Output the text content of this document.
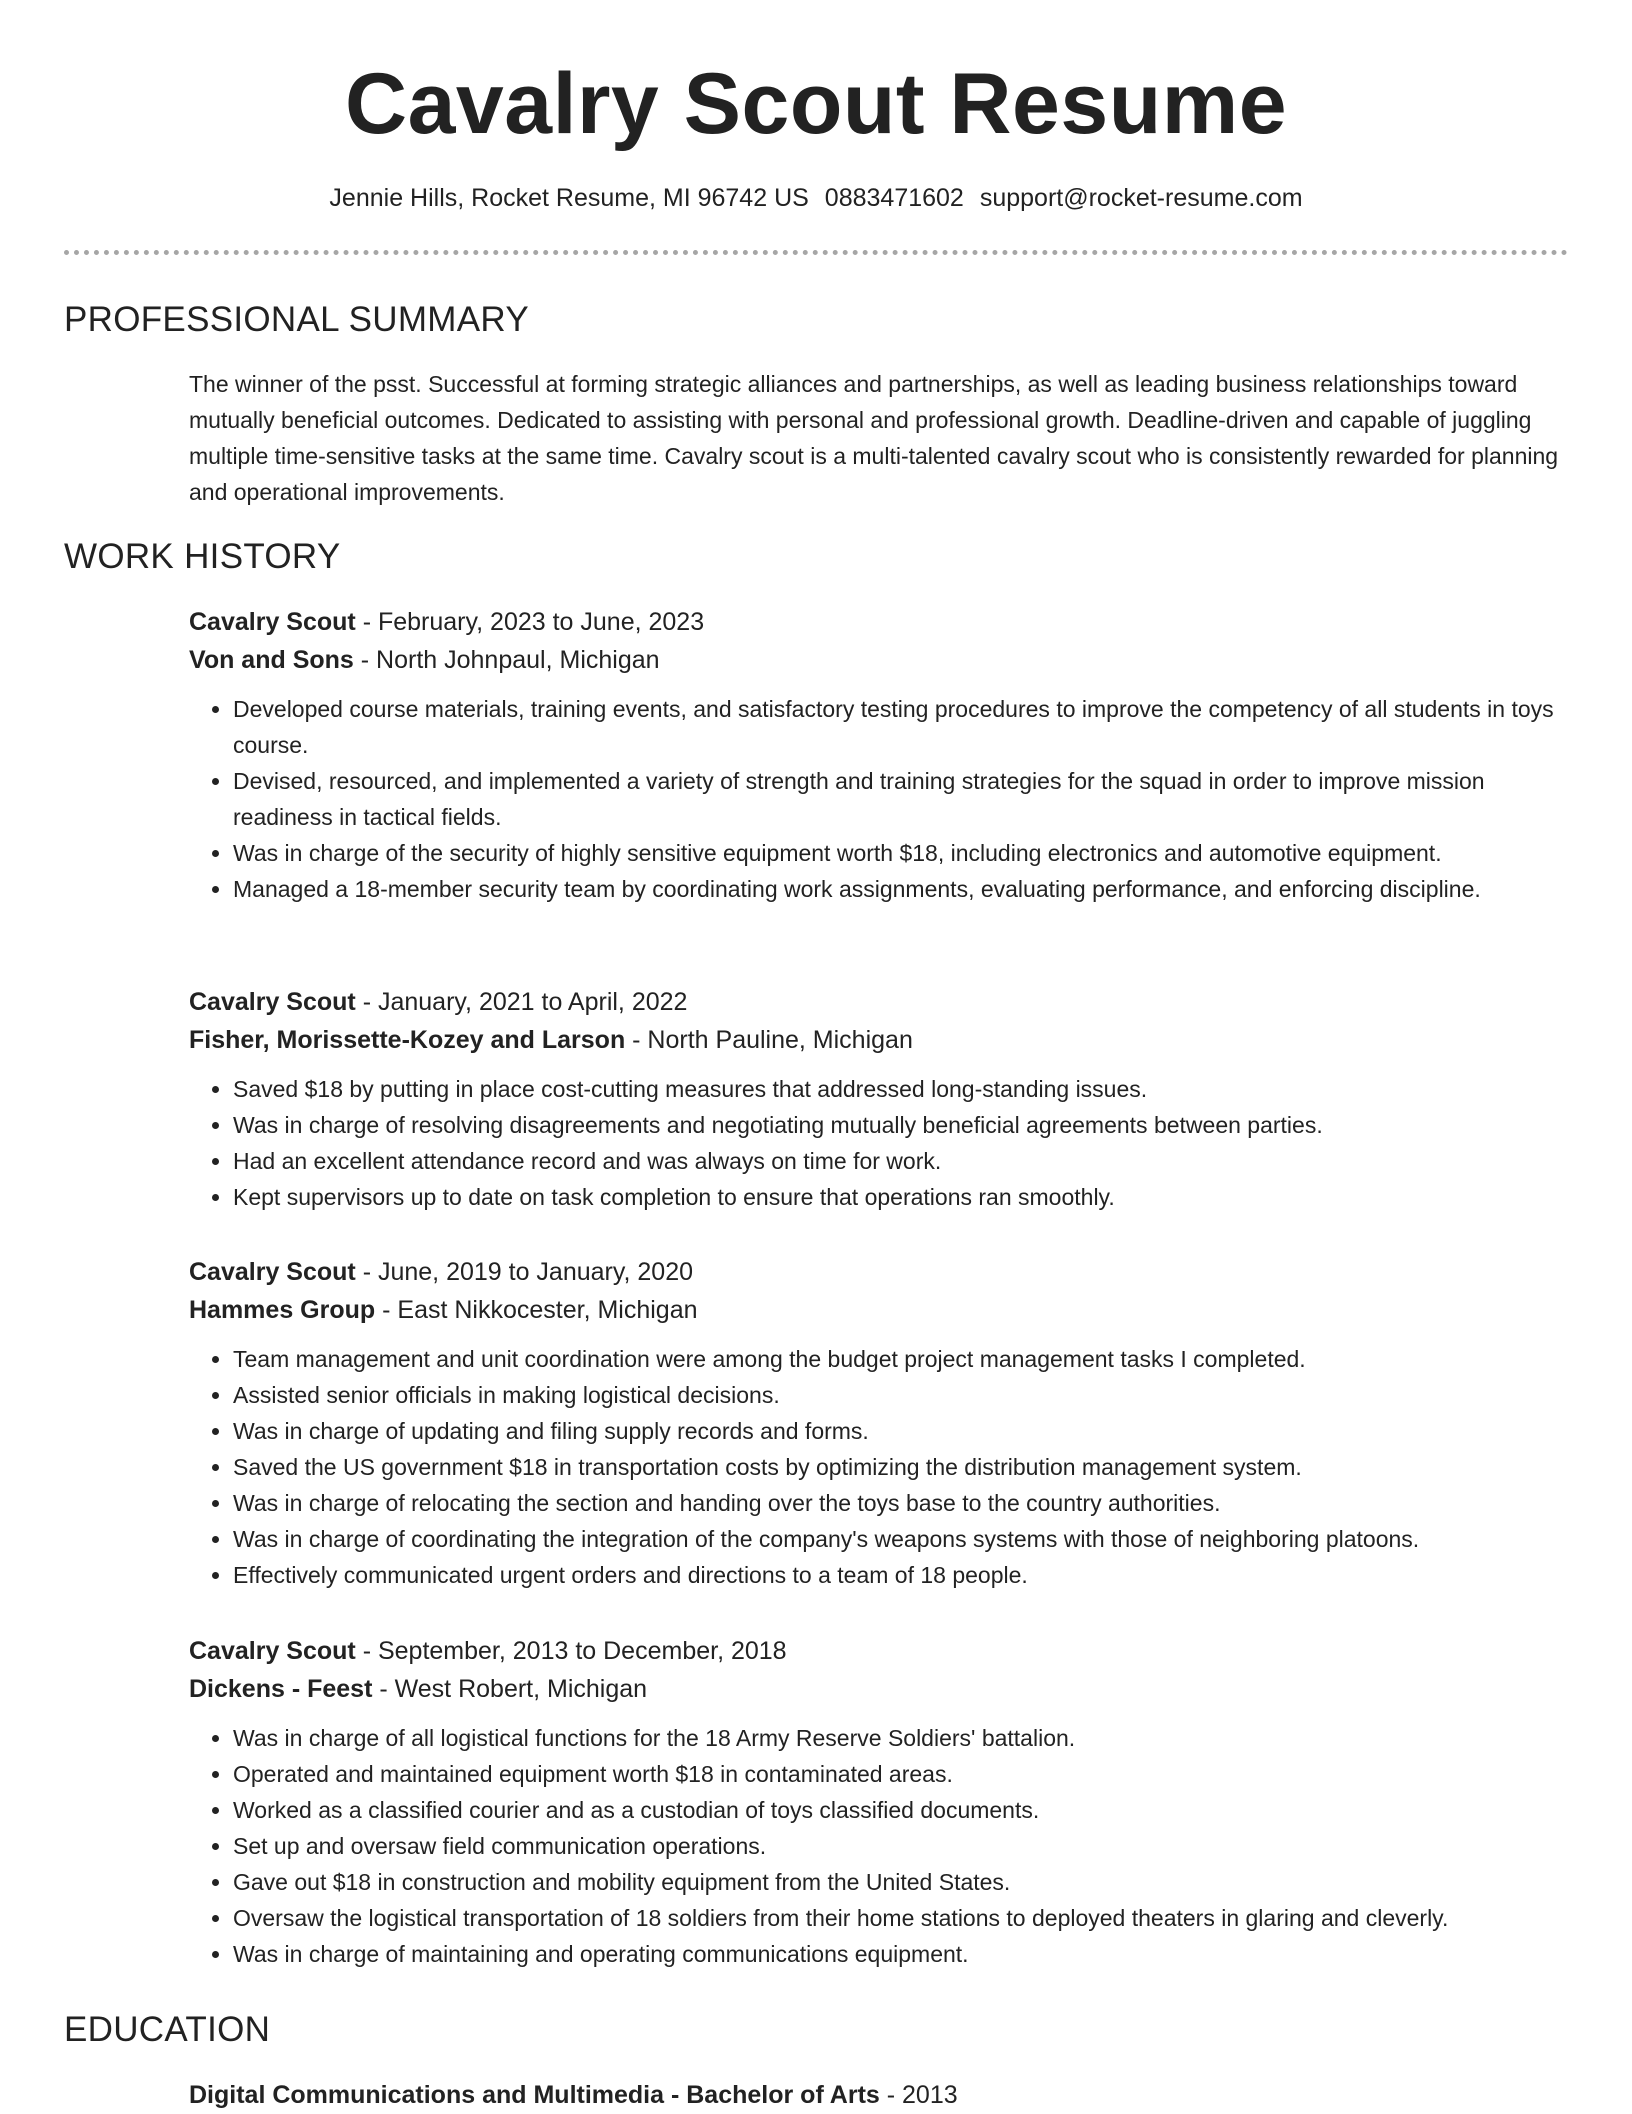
Cavalry Scout Resume
Jennie Hills, Rocket Resume, MI 96742 US 0883471602 support@rocket-resume.com
PROFESSIONAL SUMMARY

The winner of the psst. Successful at forming strategic alliances and partnerships, as well as leading business relationships toward mutually beneficial outcomes. Dedicated to assisting with personal and professional growth. Deadline-driven and capable of juggling multiple time-sensitive tasks at the same time. Cavalry scout is a multi-talented cavalry scout who is consistently rewarded for planning and operational improvements.

WORK HISTORY

Cavalry Scout - February, 2023 to June, 2023

Von and Sons - North Johnpaul, Michigan

• Developed course materials, training events, and satisfactory testing procedures to improve the competency of all students in toys course.
• Devised, resourced, and implemented a variety of strength and training strategies for the squad in order to improve mission readiness in tactical fields.
• Was in charge of the security of highly sensitive equipment worth $18, including electronics and automotive equipment.
• Managed a 18-member security team by coordinating work assignments, evaluating performance, and enforcing discipline.

Cavalry Scout - January, 2021 to April, 2022

Fisher, Morissette-Kozey and Larson - North Pauline, Michigan

• Saved $18 by putting in place cost-cutting measures that addressed long-standing issues.
• Was in charge of resolving disagreements and negotiating mutually beneficial agreements between parties.
• Had an excellent attendance record and was always on time for work.
• Kept supervisors up to date on task completion to ensure that operations ran smoothly.

Cavalry Scout - June, 2019 to January, 2020

Hammes Group - East Nikkocester, Michigan

• Team management and unit coordination were among the budget project management tasks I completed.
• Assisted senior officials in making logistical decisions.
• Was in charge of updating and filing supply records and forms.
• Saved the US government $18 in transportation costs by optimizing the distribution management system.
• Was in charge of relocating the section and handing over the toys base to the country authorities.
• Was in charge of coordinating the integration of the company's weapons systems with those of neighboring platoons.
• Effectively communicated urgent orders and directions to a team of 18 people.

Cavalry Scout - September, 2013 to December, 2018

Dickens - Feest - West Robert, Michigan

• Was in charge of all logistical functions for the 18 Army Reserve Soldiers' battalion.
• Operated and maintained equipment worth $18 in contaminated areas.
• Worked as a classified courier and as a custodian of toys classified documents.
• Set up and oversaw field communication operations.
• Gave out $18 in construction and mobility equipment from the United States.
• Oversaw the logistical transportation of 18 soldiers from their home stations to deployed theaters in glaring and cleverly.
• Was in charge of maintaining and operating communications equipment.
EDUCATION

Digital Communications and Multimedia - Bachelor of Arts - 2013
